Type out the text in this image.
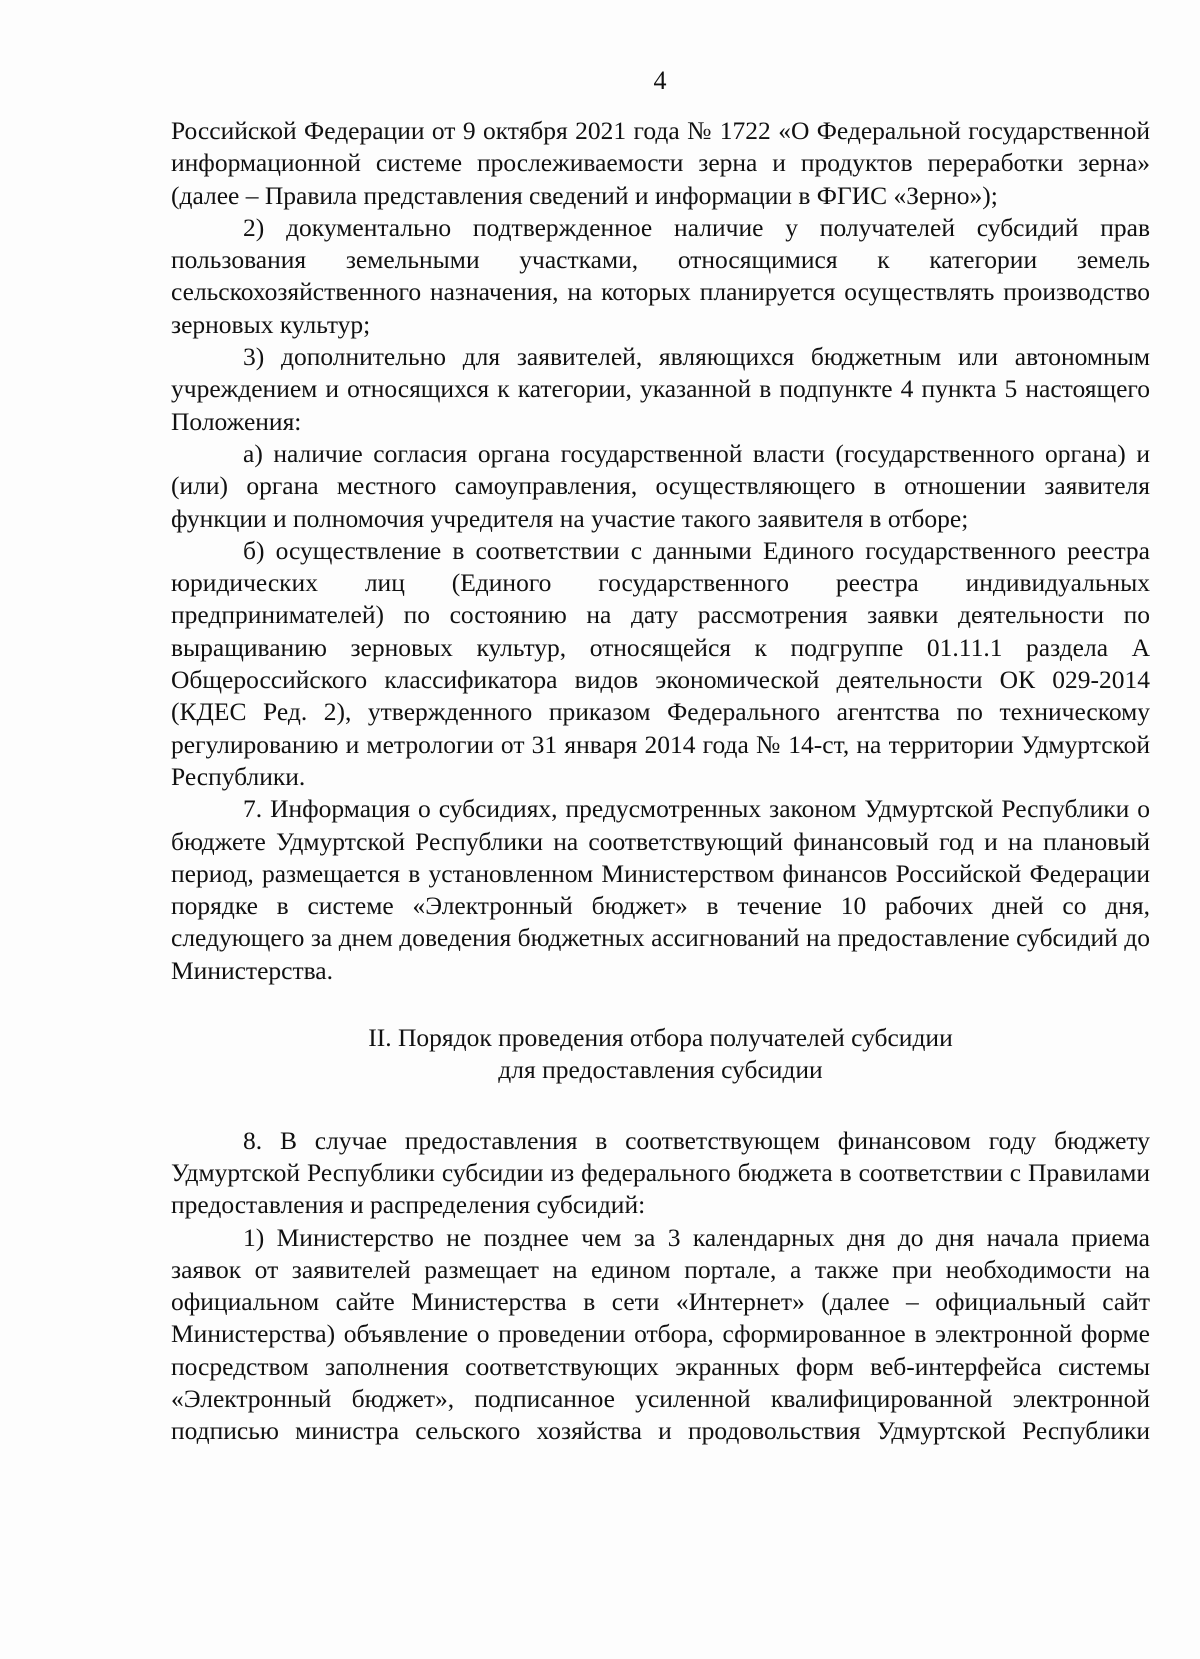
4

Российской Федерации от 9 октября 2021 года № 1722 «О Федеральной государственной информационной системе прослеживаемости зерна и продуктов переработки зерна» (далее – Правила представления сведений и информации в ФГИС «Зерно»);

2) документально подтвержденное наличие у получателей субсидий прав пользования земельными участками, относящимися к категории земель сельскохозяйственного назначения, на которых планируется осуществлять производство зерновых культур;

3) дополнительно для заявителей, являющихся бюджетным или автономным учреждением и относящихся к категории, указанной в подпункте 4 пункта 5 настоящего Положения:

а) наличие согласия органа государственной власти (государственного органа) и (или) органа местного самоуправления, осуществляющего в отношении заявителя функции и полномочия учредителя на участие такого заявителя в отборе;

б) осуществление в соответствии с данными Единого государственного реестра юридических лиц (Единого государственного реестра индивидуальных предпринимателей) по состоянию на дату рассмотрения заявки деятельности по выращиванию зерновых культур, относящейся к подгруппе 01.11.1 раздела А Общероссийского классификатора видов экономической деятельности ОК 029-2014 (КДЕС Ред. 2), утвержденного приказом Федерального агентства по техническому регулированию и метрологии от 31 января 2014 года № 14-ст, на территории Удмуртской Республики.

7. Информация о субсидиях, предусмотренных законом Удмуртской Республики о бюджете Удмуртской Республики на соответствующий финансовый год и на плановый период, размещается в установленном Министерством финансов Российской Федерации порядке в системе «Электронный бюджет» в течение 10 рабочих дней со дня, следующего за днем доведения бюджетных ассигнований на предоставление субсидий до Министерства.

II. Порядок проведения отбора получателей субсидии
для предоставления субсидии

8. В случае предоставления в соответствующем финансовом году бюджету Удмуртской Республики субсидии из федерального бюджета в соответствии с Правилами предоставления и распределения субсидий:

1) Министерство не позднее чем за 3 календарных дня до дня начала приема заявок от заявителей размещает на едином портале, а также при необходимости на официальном сайте Министерства в сети «Интернет» (далее – официальный сайт Министерства) объявление о проведении отбора, сформированное в электронной форме посредством заполнения соответствующих экранных форм веб-интерфейса системы «Электронный бюджет», подписанное усиленной квалифицированной электронной подписью министра сельского хозяйства и продовольствия Удмуртской Республики
